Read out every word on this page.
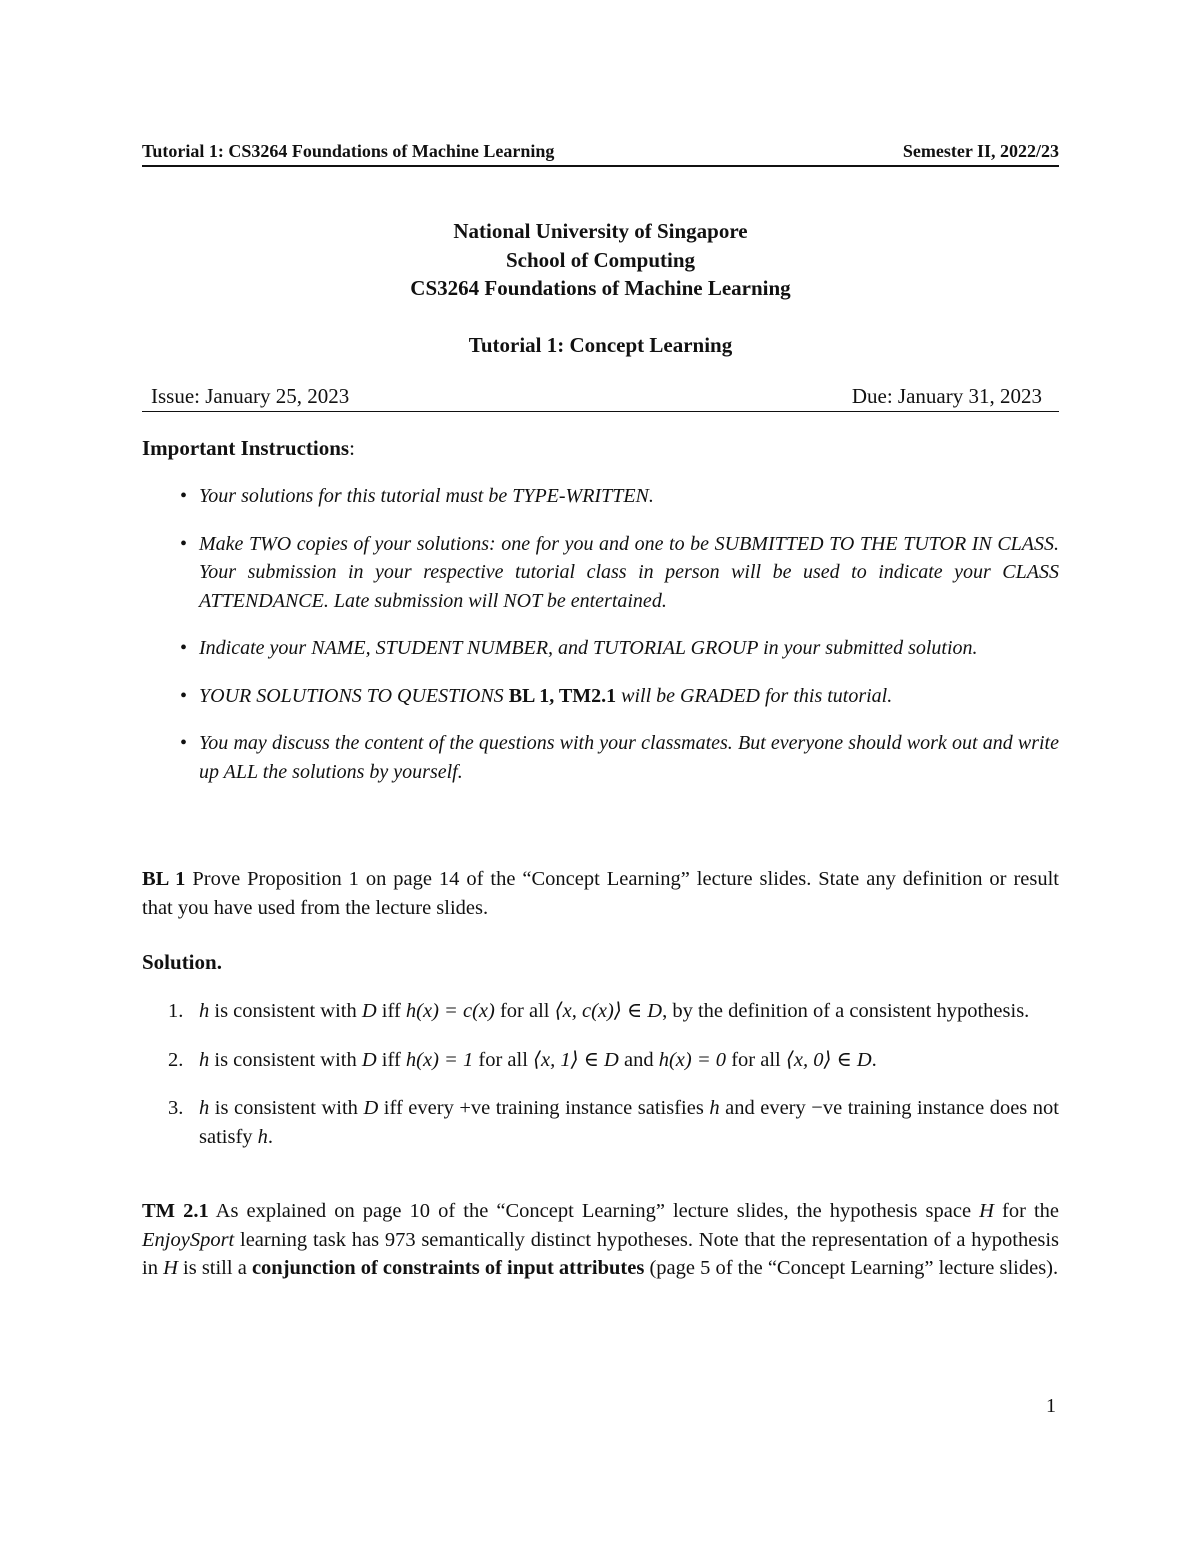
Tutorial 1: CS3264 Foundations of Machine Learning	Semester II, 2022/23
National University of Singapore
School of Computing
CS3264 Foundations of Machine Learning
Tutorial 1: Concept Learning
Issue: January 25, 2023	Due: January 31, 2023
Important Instructions:
• Your solutions for this tutorial must be TYPE-WRITTEN.
• Make TWO copies of your solutions: one for you and one to be SUBMITTED TO THE TUTOR IN CLASS. Your submission in your respective tutorial class in person will be used to indicate your CLASS ATTENDANCE. Late submission will NOT be entertained.
• Indicate your NAME, STUDENT NUMBER, and TUTORIAL GROUP in your submitted solution.
• YOUR SOLUTIONS TO QUESTIONS BL 1, TM2.1 will be GRADED for this tutorial.
• You may discuss the content of the questions with your classmates. But everyone should work out and write up ALL the solutions by yourself.
BL 1 Prove Proposition 1 on page 14 of the “Concept Learning” lecture slides. State any definition or result that you have used from the lecture slides.
Solution.
1. h is consistent with D iff h(x) = c(x) for all ⟨x, c(x)⟩ ∈ D, by the definition of a consistent hypothesis.
2. h is consistent with D iff h(x) = 1 for all ⟨x, 1⟩ ∈ D and h(x) = 0 for all ⟨x, 0⟩ ∈ D.
3. h is consistent with D iff every +ve training instance satisfies h and every −ve training instance does not satisfy h.
TM 2.1 As explained on page 10 of the “Concept Learning” lecture slides, the hypothesis space H for the EnjoySport learning task has 973 semantically distinct hypotheses. Note that the representation of a hypothesis in H is still a conjunction of constraints of input attributes (page 5 of the “Concept Learning” lecture slides).
1
